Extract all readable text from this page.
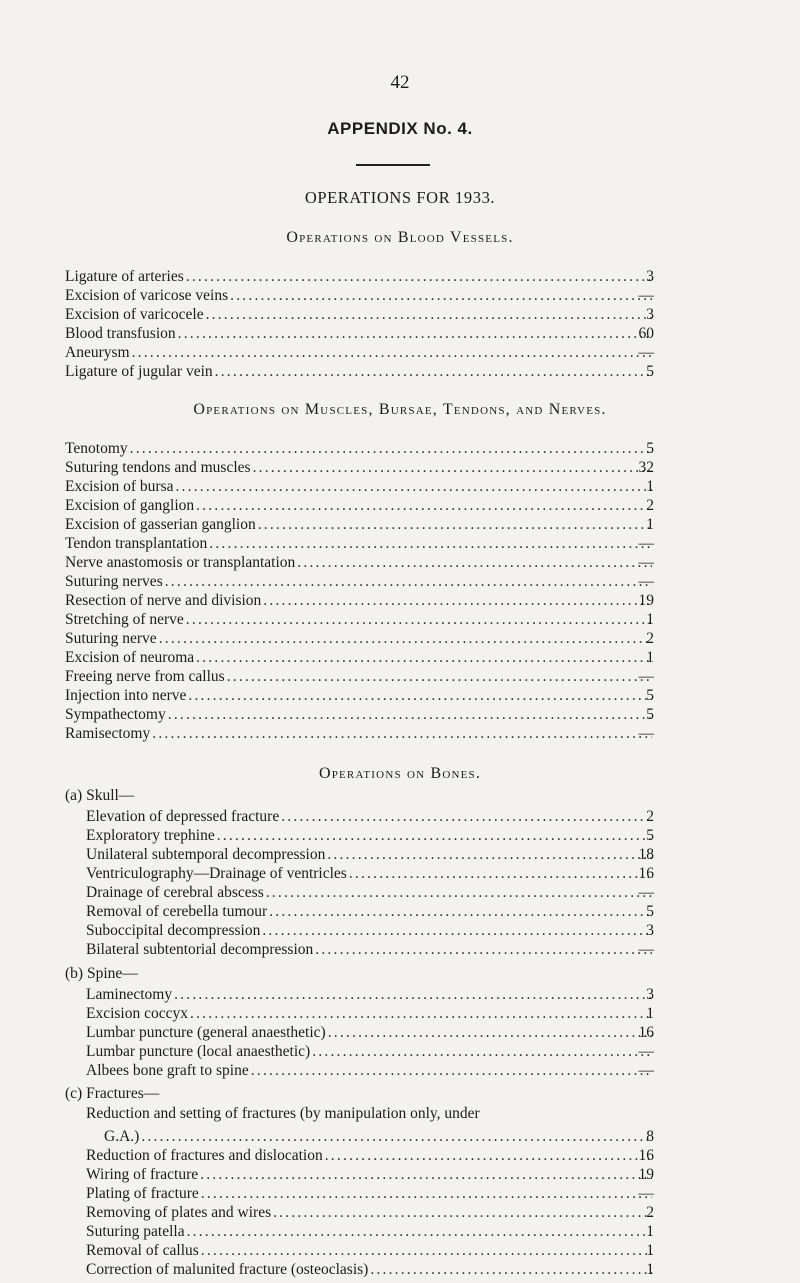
42
APPENDIX No. 4.
OPERATIONS FOR 1933.
Operations on Blood Vessels.
Ligature of arteries .....	3
Excision of varicose veins .....	—
Excision of varicocele .....	3
Blood transfusion .....	60
Aneurysm .....	—
Ligature of jugular vein .....	5
Operations on Muscles, Bursae, Tendons, and Nerves.
Tenotomy .....	5
Suturing tendons and muscles .....	32
Excision of bursa .....	1
Excision of ganglion .....	2
Excision of gasserian ganglion .....	1
Tendon transplantation .....	—
Nerve anastomosis or transplantation .....	—
Suturing nerves .....	—
Resection of nerve and division .....	19
Stretching of nerve .....	1
Suturing nerve .....	2
Excision of neuroma .....	1
Freeing nerve from callus .....	—
Injection into nerve .....	5
Sympathectomy .....	5
Ramisectomy .....	—
Operations on Bones.
(a) Skull—
Elevation of depressed fracture .....	2
Exploratory trephine .....	5
Unilateral subtemporal decompression .....	18
Ventriculography—Drainage of ventricles .....	16
Drainage of cerebral abscess .....	—
Removal of cerebella tumour .....	5
Suboccipital decompression .....	3
Bilateral subtentorial decompression .....	—
(b) Spine—
Laminectomy .....	3
Excision coccyx .....	1
Lumbar puncture (general anaesthetic) .....	16
Lumbar puncture (local anaesthetic) .....	—
Albees bone graft to spine .....	—
(c) Fractures—
Reduction and setting of fractures (by manipulation only, under
G.A.) .....	8
Reduction of fractures and dislocation .....	16
Wiring of fracture .....	19
Plating of fracture .....	—
Removing of plates and wires .....	2
Suturing patella .....	1
Removal of callus .....	1
Correction of malunited fracture (osteoclasis) .....	1
